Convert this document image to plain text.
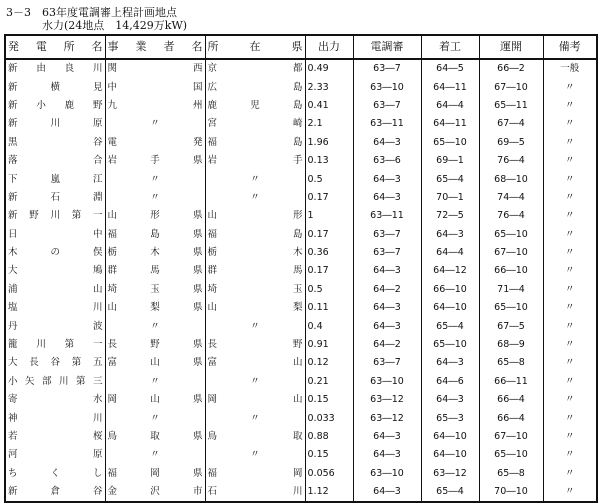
3－3　63年度電調審上程計画地点
水力(24地点　14,429万kW)
発電所名	事業者名	所在県	出力	電調審	着工	運開	備考
新由良川	関西	京都	0.49	63―7	64―5	66―2	一般
新横見	中国	広島	2.33	63―10	64―11	67―10	〃
新小鹿野	九州	鹿児島	0.41	63―7	64―4	65―11	〃
新川原	〃	宮崎	2.1	63―11	64―11	67―4	〃
黒谷	電発	福島	1.96	64―3	65―10	69―5	〃
落合	岩手県	岩手	0.13	63―6	69―1	76―4	〃
下嵐江	〃	〃	0.5	64―3	65―4	68―10	〃
新石淵	〃	〃	0.17	64―3	70―1	74―4	〃
新野川第一	山形県	山形	1	63―11	72―5	76―4	〃
日中	福島県	福島	0.17	63―7	64―3	65―10	〃
木の俣	栃木県	栃木	0.36	63―7	64―4	67―10	〃
大鳩	群馬県	群馬	0.17	64―3	64―12	66―10	〃
浦山	埼玉県	埼玉	0.5	64―2	66―10	71―4	〃
塩川	山梨県	山梨	0.11	64―3	64―10	65―10	〃
丹波	〃	〃	0.4	64―3	65―4	67―5	〃
籠川第一	長野県	長野	0.91	64―2	65―10	68―9	〃
大長谷第五	富山県	富山	0.12	63―7	64―3	65―8	〃
小矢部川第三	〃	〃	0.21	63―10	64―6	66―11	〃
寄水	岡山県	岡山	0.15	63―12	64―3	66―4	〃
神川	〃	〃	0.033	63―12	65―3	66―4	〃
若桜	鳥取県	鳥取	0.88	64―3	64―10	67―10	〃
河原	〃	〃	0.15	64―3	64―10	65―10	〃
ちくし	福岡県	福岡	0.056	63―10	63―12	65―8	〃
新倉谷	金沢市	石川	1.12	64―3	65―4	70―10	〃
